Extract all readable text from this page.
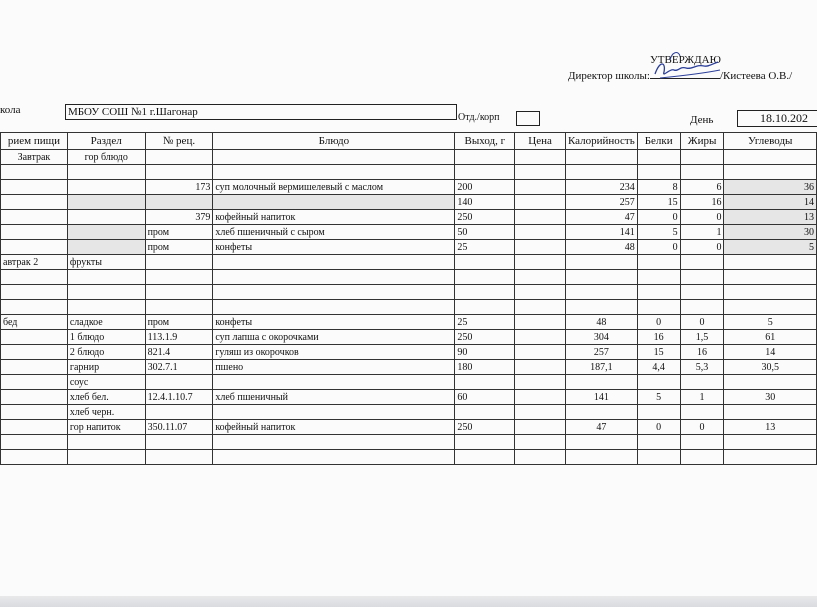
УТВЕРЖДАЮ
Директор школы:	/Кистеева О.В./
кола	МБОУ СОШ №1 г.Шагонар	Отд./корп	День	18.10.202
рием пищи	Раздел	№ рец.	Блюдо	Выход, г	Цена	Калорийность	Белки	Жиры	Углеводы
Завтрак	гор блюдо								

		173	суп молочный вермишелевый с маслом	200		234	8	6	36
				140		257	15	16	14
		379	кофейный напиток	250		47	0	0	13
		пром	хлеб пшеничный с сыром	50		141	5	1	30
		пром	конфеты	25		48	0	0	5
автрак 2	фрукты								

бед	сладкое	пром	конфеты	25		48	0	0	5
	1 блюдо	113.1.9	суп лапша с окорочками	250		304	16	1,5	61
	2 блюдо	821.4	гуляш из окорочков	90		257	15	16	14
	гарнир	302.7.1	пшено	180		187,1	4,4	5,3	30,5
	соус								
	хлеб бел.	12.4.1.10.7	хлеб пшеничный	60		141	5	1	30
	хлеб черн.								
	гор напиток	350.11.07	кофейный напиток	250		47	0	0	13
